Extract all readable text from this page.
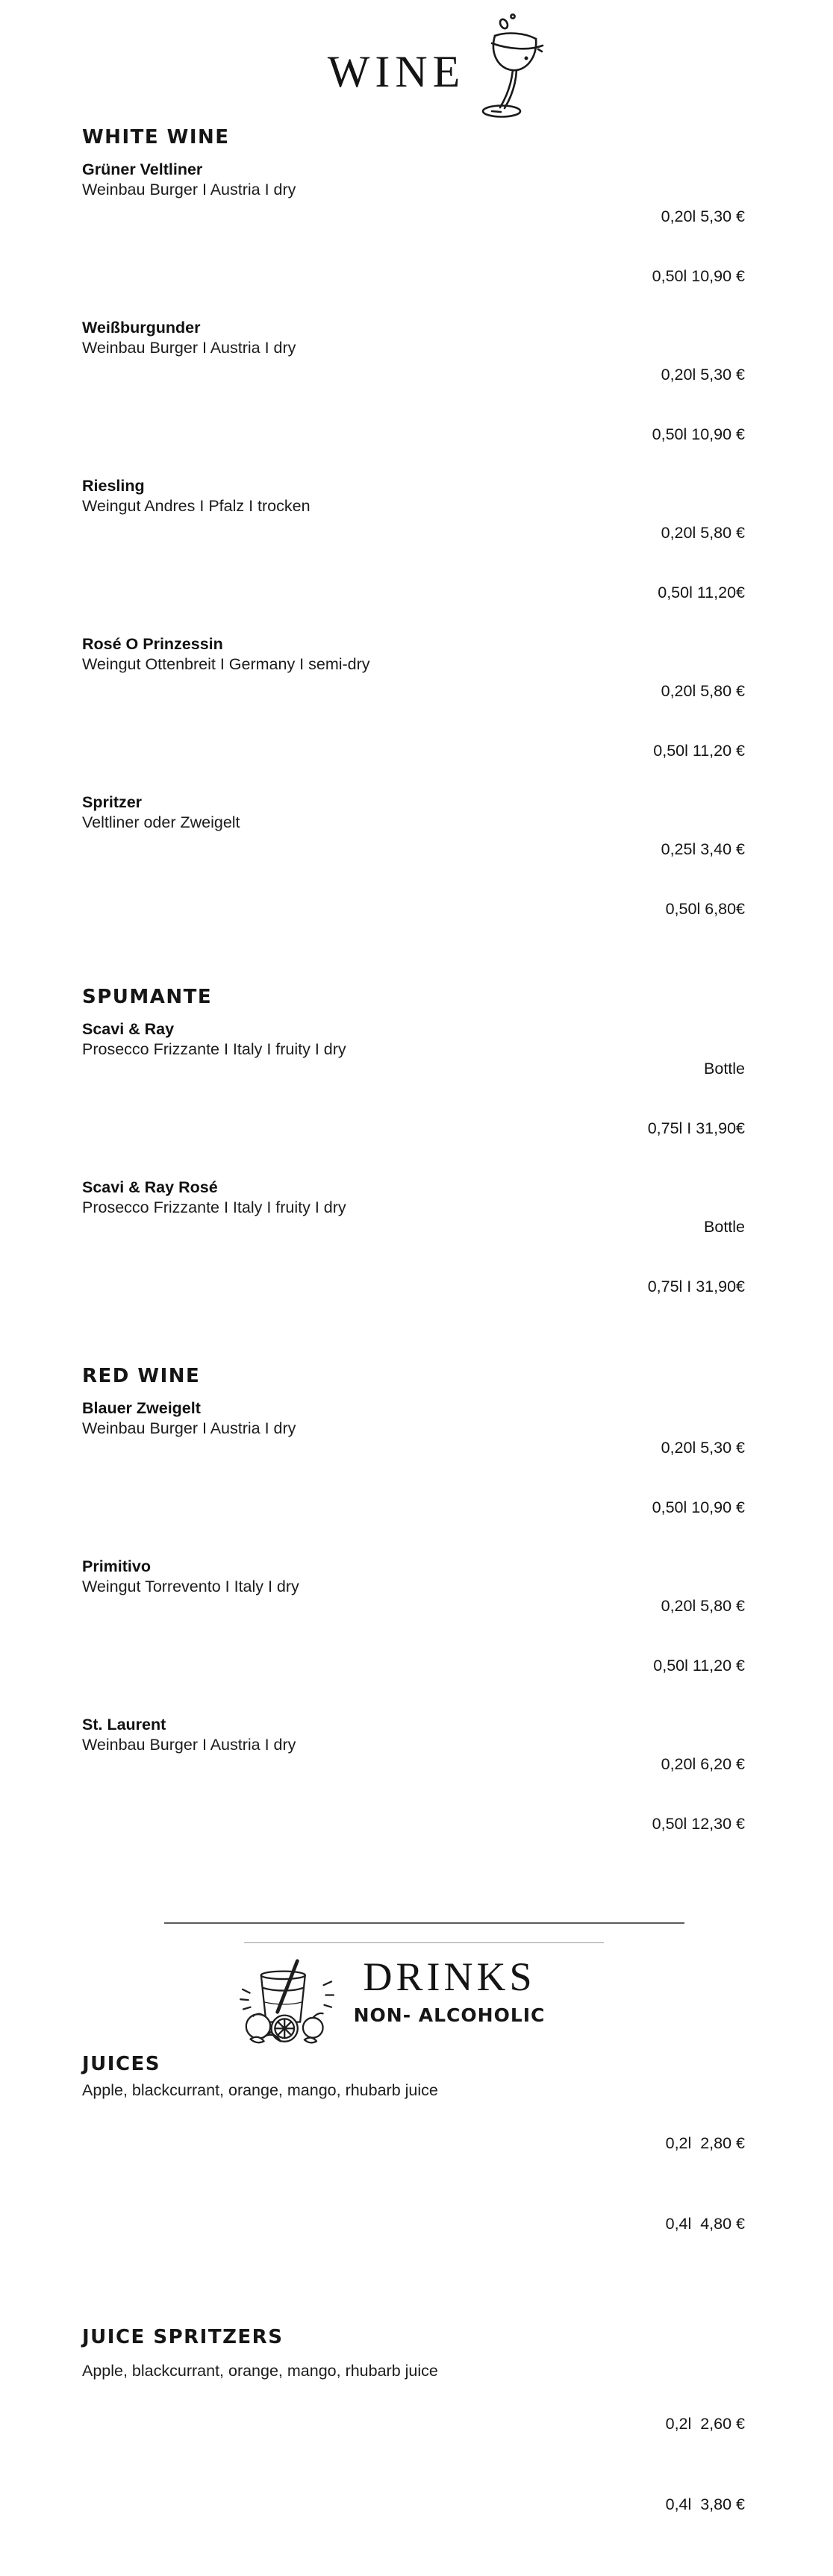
WINE
WHITE WINE
Grüner Veltliner
Weinbau Burger I Austria I dry

0,20l 5,30 €

0,50l 10,90 €

Weißburgunder
Weinbau Burger I Austria I dry

0,20l 5,30 €

0,50l 10,90 €

Riesling
Weingut Andres I Pfalz I trocken

0,20l 5,80 €

0,50l 11,20€

Rosé O Prinzessin
Weingut Ottenbreit I Germany I semi-dry

0,20l 5,80 €

0,50l 11,20 €

Spritzer
Veltliner oder Zweigelt

0,25l 3,40 €

0,50l 6,80€

SPUMANTE
Scavi & Ray
Prosecco Frizzante I Italy I fruity I dry

Bottle

0,75l I 31,90€

Scavi & Ray Rosé
Prosecco Frizzante I Italy I fruity I dry

Bottle

0,75l I 31,90€

RED WINE
Blauer Zweigelt
Weinbau Burger I Austria I dry

0,20l 5,30 €

0,50l 10,90 €

Primitivo
Weingut Torrevento I Italy I dry

0,20l 5,80 €

0,50l 11,20 €

St. Laurent
Weinbau Burger I Austria I dry

0,20l 6,20 €

0,50l 12,30 €

DRINKS
NON- ALCOHOLIC
JUICES
Apple, blackcurrant, orange, mango, rhubarb juice

0,2l  2,80 €

0,4l  4,80 €

JUICE SPRITZERS
Apple, blackcurrant, orange, mango, rhubarb juice

0,2l  2,60 €

0,4l  3,80 €
